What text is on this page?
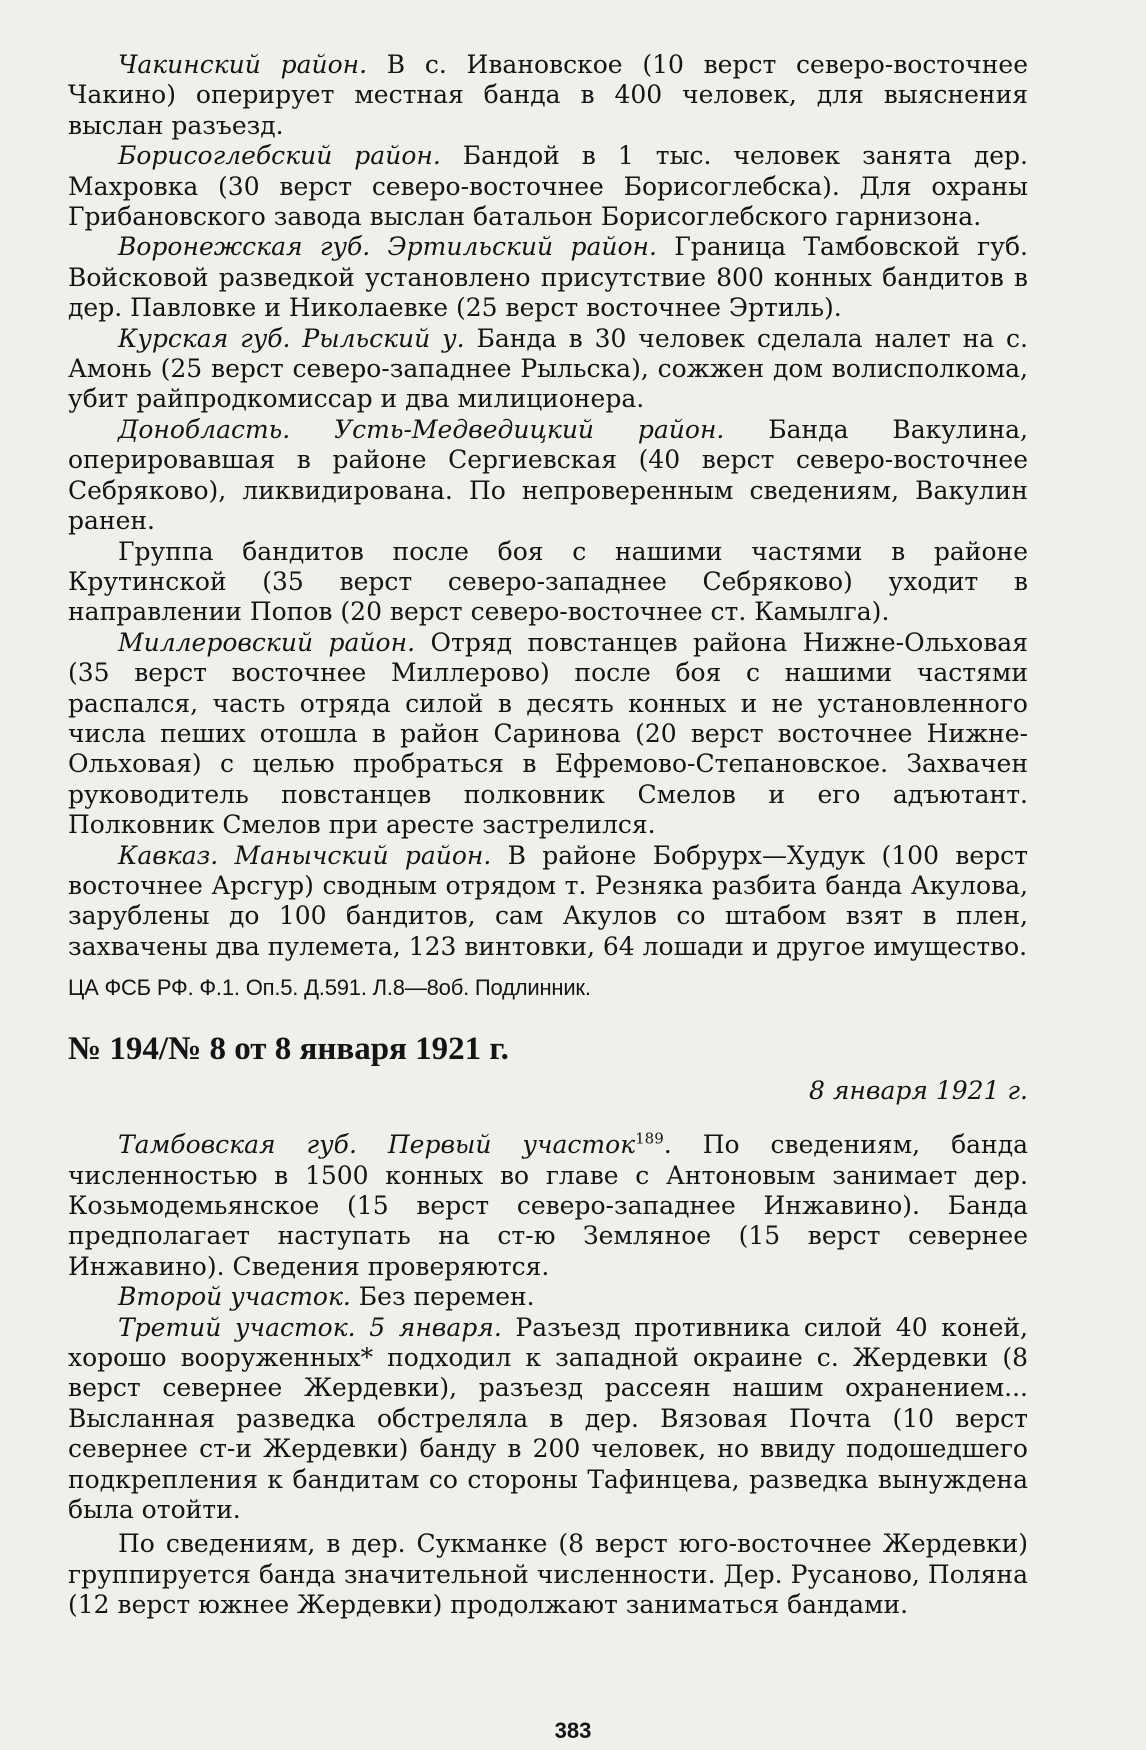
Чакинский район. В с. Ивановское (10 верст северо-восточнее Чакино) оперирует местная банда в 400 человек, для выяснения выслан разъезд.

Борисоглебский район. Бандой в 1 тыс. человек занята дер. Махровка (30 верст северо-восточнее Борисоглебска). Для охраны Грибановского завода выслан батальон Борисоглебского гарнизона.

Воронежская губ. Эртильский район. Граница Тамбовской губ. Войсковой разведкой установлено присутствие 800 конных бандитов в дер. Павловке и Николаевке (25 верст восточнее Эртиль).

Курская губ. Рыльский у. Банда в 30 человек сделала налет на с. Амонь (25 верст северо-западнее Рыльска), сожжен дом волисполкома, убит райпродкомиссар и два милиционера.

Донобласть. Усть-Медведицкий район. Банда Вакулина, оперировавшая в районе Сергиевская (40 верст северо-восточнее Себряково), ликвидирована. По непроверенным сведениям, Вакулин ранен.

Группа бандитов после боя с нашими частями в районе Крутинской (35 верст северо-западнее Себряково) уходит в направлении Попов (20 верст северо-восточнее ст. Камылга).

Миллеровский район. Отряд повстанцев района Нижне-Ольховая (35 верст восточнее Миллерово) после боя с нашими частями распался, часть отряда силой в десять конных и не установленного числа пеших отошла в район Саринова (20 верст восточнее Нижне-Ольховая) с целью пробраться в Ефремово-Степановское. Захвачен руководитель повстанцев полковник Смелов и его адъютант. Полковник Смелов при аресте застрелился.

Кавказ. Манычский район. В районе Бобрурх—Худук (100 верст восточнее Арсгур) сводным отрядом т. Резняка разбита банда Акулова, зарублены до 100 бандитов, сам Акулов со штабом взят в плен, захвачены два пулемета, 123 винтовки, 64 лошади и другое имущество.

ЦА ФСБ РФ. Ф.1. Оп.5. Д.591. Л.8—8об. Подлинник.
№ 194/№ 8 от 8 января 1921 г.
8 января 1921 г.

Тамбовская губ. Первый участок$^{189}$. По сведениям, банда численностью в 1500 конных во главе с Антоновым занимает дер. Козьмодемьянское (15 верст северо-западнее Инжавино). Банда предполагает наступать на ст-ю Земляное (15 верст севернее Инжавино). Сведения проверяются.

Второй участок. Без перемен.

Третий участок. 5 января. Разъезд противника силой 40 коней, хорошо вооруженных* подходил к западной окраине с. Жердевки (8 верст севернее Жердевки), разъезд рассеян нашим охранением... Высланная разведка обстреляла в дер. Вязовая Почта (10 верст севернее ст-и Жердевки) банду в 200 человек, но ввиду подошедшего подкрепления к бандитам со стороны Тафинцева, разведка вынуждена была отойти.

По сведениям, в дер. Сукманке (8 верст юго-восточнее Жердевки) группируется банда значительной численности. Дер. Русаново, Поляна (12 верст южнее Жердевки) продолжают заниматься бандами.

383
